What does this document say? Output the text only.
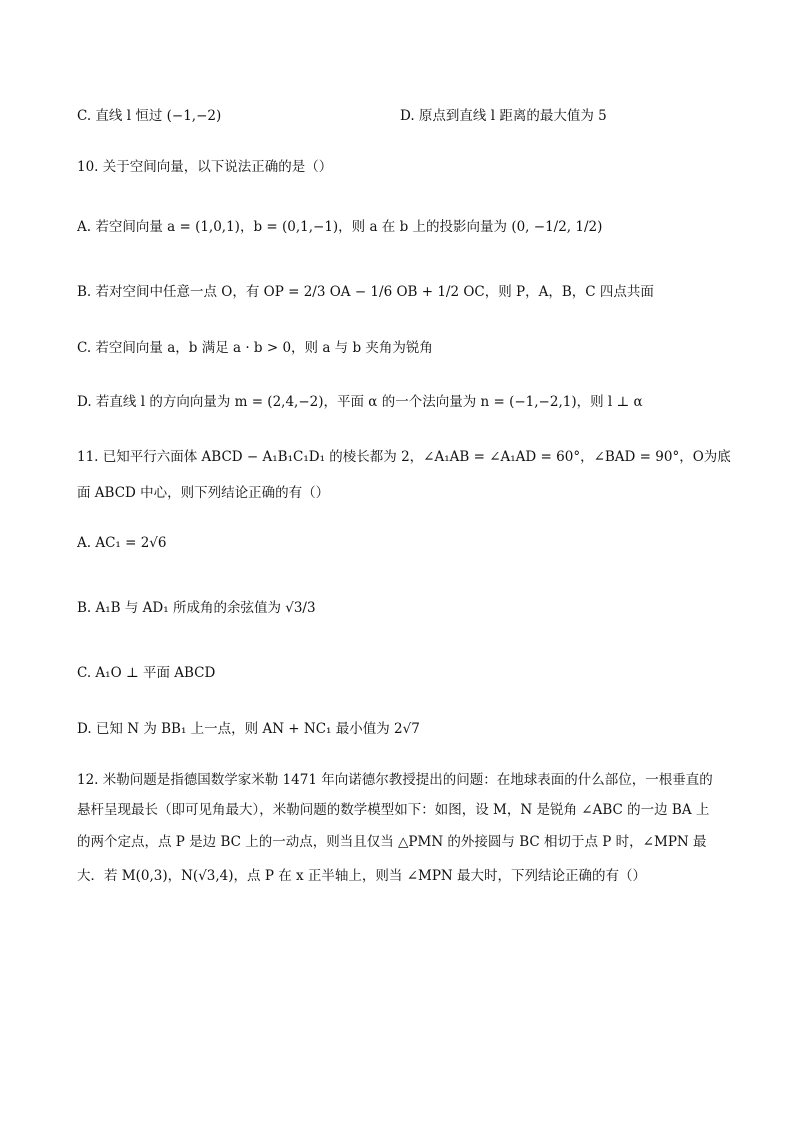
C. 直线 l 恒过 (−1,−2)	D. 原点到直线 l 距离的最大值为 5
10. 关于空间向量，以下说法正确的是（）
A. 若空间向量 a = (1,0,1)，b = (0,1,−1)，则 a 在 b 上的投影向量为 (0, −1/2, 1/2)
B. 若对空间中任意一点 O，有 OP = 2/3 OA − 1/6 OB + 1/2 OC，则 P，A，B，C 四点共面
C. 若空间向量 a，b 满足 a · b > 0，则 a 与 b 夹角为锐角
D. 若直线 l 的方向向量为 m = (2,4,−2)，平面 α 的一个法向量为 n = (−1,−2,1)，则 l ⊥ α
11. 已知平行六面体 ABCD − A₁B₁C₁D₁ 的棱长都为 2，∠A₁AB = ∠A₁AD = 60°，∠BAD = 90°，O为底
面 ABCD 中心，则下列结论正确的有（）
A. AC₁ = 2√6
B. A₁B 与 AD₁ 所成角的余弦值为 √3/3
C. A₁O ⊥ 平面 ABCD
D. 已知 N 为 BB₁ 上一点，则 AN + NC₁ 最小值为 2√7
12. 米勒问题是指德国数学家米勒 1471 年向诺德尔教授提出的问题：在地球表面的什么部位，一根垂直的
悬杆呈现最长（即可见角最大），米勒问题的数学模型如下：如图，设 M，N 是锐角 ∠ABC 的一边 BA 上
的两个定点，点 P 是边 BC 上的一动点，则当且仅当 △PMN 的外接圆与 BC 相切于点 P 时，∠MPN 最
大．若 M(0,3)，N(√3,4)，点 P 在 x 正半轴上，则当 ∠MPN 最大时，下列结论正确的有（）
